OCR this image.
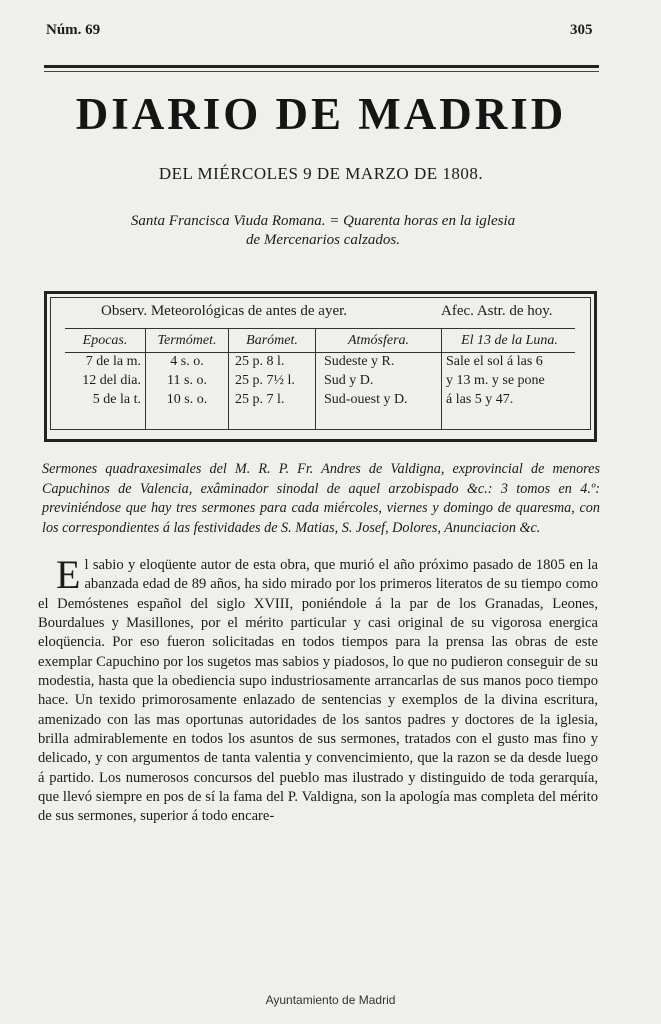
Núm. 69	305
DIARIO DE MADRID
DEL MIÉRCOLES 9 DE MARZO DE 1808.
Santa Francisca Viuda Romana. = Quarenta horas en la iglesia
de Mercenarios calzados.
Observ. Meteorológicas de antes de ayer.	Afec. Astr. de hoy.
Epocas.
7 de la m.
12 del dia.
5 de la t.
Termómet.
4 s. o.
11 s. o.
10 s. o.
Barómet.
25 p. 8 l.
25 p. 7½ l.
25 p. 7 l.
Atmósfera.
Sudeste y R.
Sud y D.
Sud-ouest y D.
El 13 de la Luna.
Sale el sol á las 6
y 13 m. y se pone
á las 5 y 47.
Sermones quadraxesimales del M. R. P. Fr. Andres de Valdigna, exprovincial de menores Capuchinos de Valencia, exâminador sinodal de aquel arzobispado &c.: 3 tomos en 4.º: previniéndose que hay tres sermones para cada miércoles, viernes y domingo de quaresma, con los correspondientes á las festividades de S. Matias, S. Josef, Dolores, Anunciacion &c.
El sabio y eloqüente autor de esta obra, que murió el año próximo pasado de 1805 en la abanzada edad de 89 años, ha sido mirado por los primeros literatos de su tiempo como el Demóstenes español del siglo XVIII, poniéndole á la par de los Granadas, Leones, Bourdalues y Masillones, por el mérito particular y casi original de su vigorosa energica eloqüencia. Por eso fueron solicitadas en todos tiempos para la prensa las obras de este exemplar Capuchino por los sugetos mas sabios y piadosos, lo que no pudieron conseguir de su modestia, hasta que la obediencia supo industriosamente arrancarlas de sus manos poco tiempo hace. Un texido primorosamente enlazado de sentencias y exemplos de la divina escritura, amenizado con las mas oportunas autoridades de los santos padres y doctores de la iglesia, brilla admirablemente en todos los asuntos de sus sermones, tratados con el gusto mas fino y delicado, y con argumentos de tanta valentia y convencimiento, que la razon se da desde luego á partido. Los numerosos concursos del pueblo mas ilustrado y distinguido de toda gerarquía, que llevó siempre en pos de sí la fama del P. Valdigna, son la apología mas completa del mérito de sus sermones, superior á todo encare-
Ayuntamiento de Madrid
